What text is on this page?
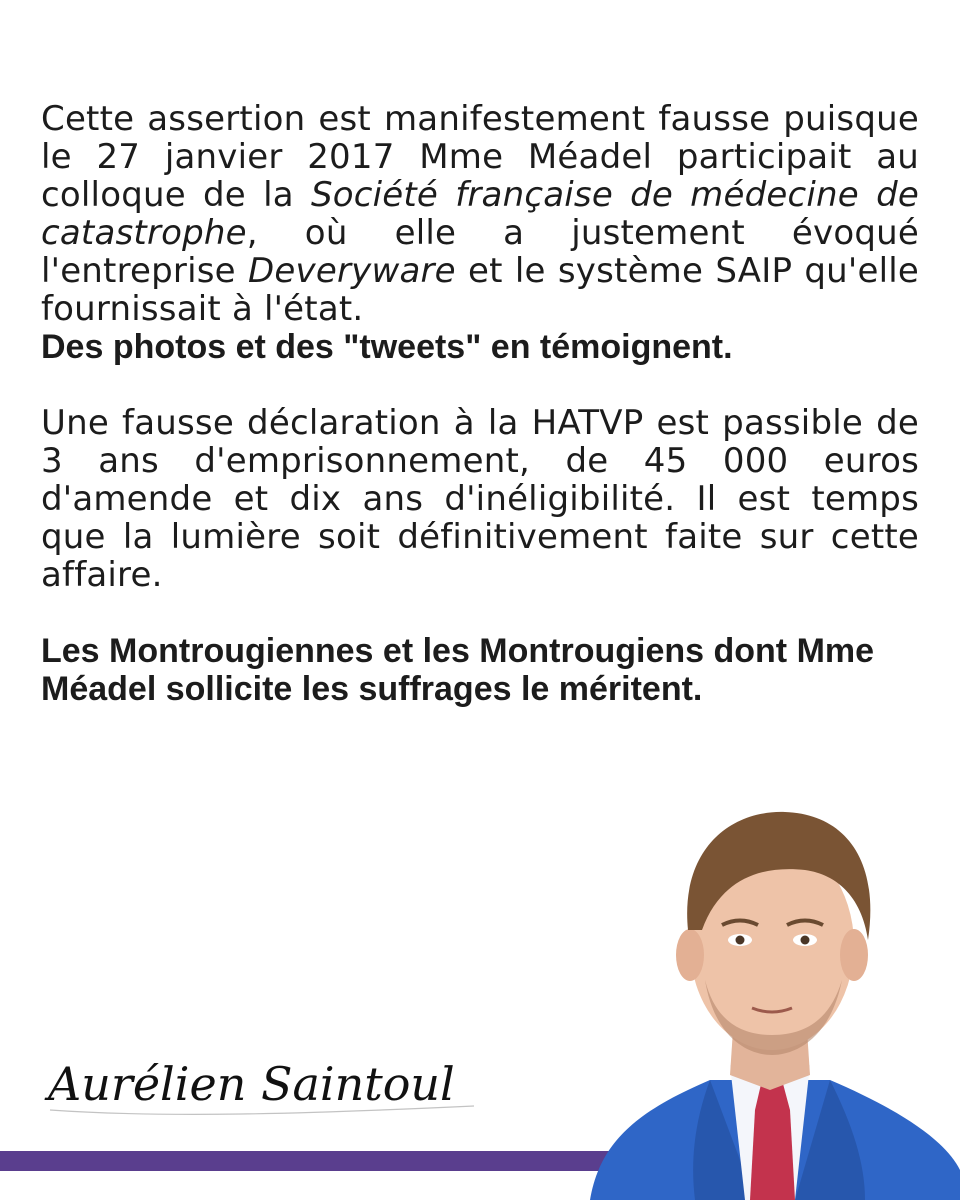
Cette assertion est manifestement fausse puisque le 27 janvier 2017 Mme Méadel participait au colloque de la Société française de médecine de catastrophe, où elle a justement évoqué l'entreprise Deveryware et le système SAIP qu'elle fournissait à l'état.

Des photos et des "tweets" en témoignent.

Une fausse déclaration à la HATVP est passible de 3 ans d'emprisonnement, de 45 000 euros d'amende et dix ans d'inéligibilité. Il est temps que la lumière soit définitivement faite sur cette affaire.

Les Montrougiennes et les Montrougiens dont Mme Méadel sollicite les suffrages le méritent.

Aurélien Saintoul
